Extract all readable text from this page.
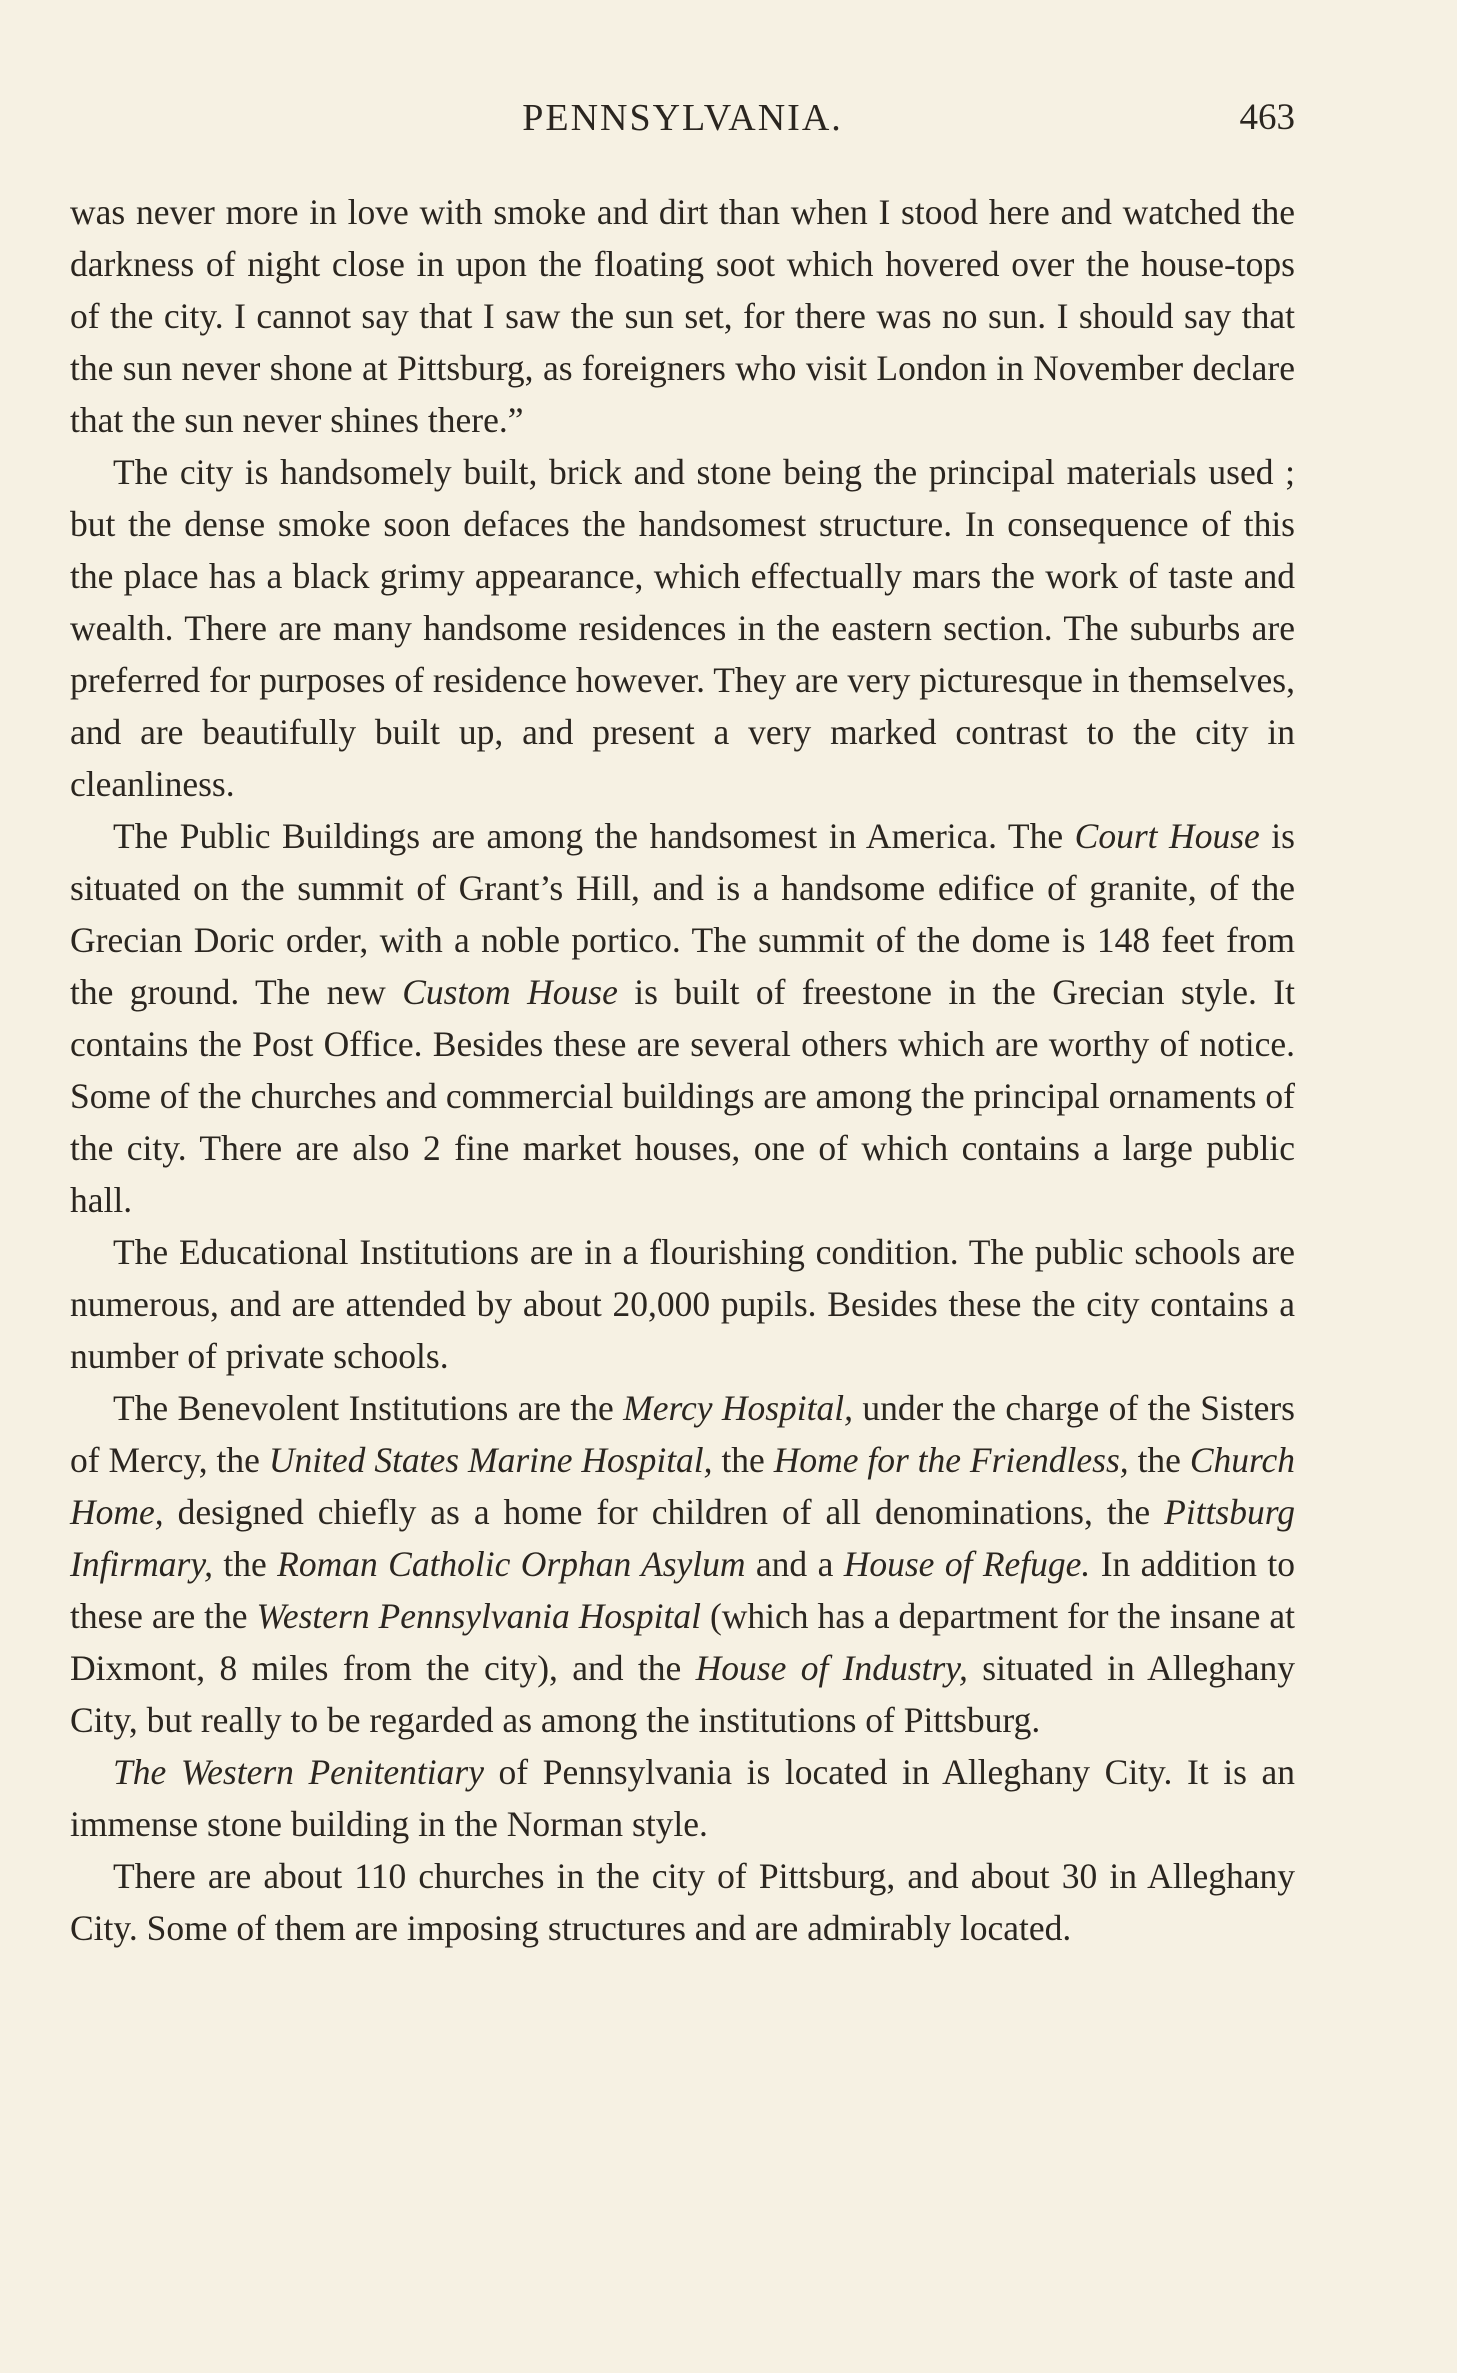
PENNSYLVANIA.	463

was never more in love with smoke and dirt than when I stood here and watched the darkness of night close in upon the floating soot which hovered over the house-tops of the city. I cannot say that I saw the sun set, for there was no sun. I should say that the sun never shone at Pittsburg, as foreigners who visit London in November declare that the sun never shines there.”

The city is handsomely built, brick and stone being the principal materials used ; but the dense smoke soon defaces the handsomest structure. In consequence of this the place has a black grimy appearance, which effectually mars the work of taste and wealth. There are many handsome residences in the eastern section. The suburbs are preferred for purposes of residence however. They are very picturesque in themselves, and are beautifully built up, and present a very marked contrast to the city in cleanliness.

The Public Buildings are among the handsomest in America. The Court House is situated on the summit of Grant’s Hill, and is a handsome edifice of granite, of the Grecian Doric order, with a noble portico. The summit of the dome is 148 feet from the ground. The new Custom House is built of freestone in the Grecian style. It contains the Post Office. Besides these are several others which are worthy of notice. Some of the churches and commercial buildings are among the principal ornaments of the city. There are also 2 fine market houses, one of which contains a large public hall.

The Educational Institutions are in a flourishing condition. The public schools are numerous, and are attended by about 20,000 pupils. Besides these the city contains a number of private schools.

The Benevolent Institutions are the Mercy Hospital, under the charge of the Sisters of Mercy, the United States Marine Hospital, the Home for the Friendless, the Church Home, designed chiefly as a home for children of all denominations, the Pittsburg Infirmary, the Roman Catholic Orphan Asylum and a House of Refuge. In addition to these are the Western Pennsylvania Hospital (which has a department for the insane at Dixmont, 8 miles from the city), and the House of Industry, situated in Alleghany City, but really to be regarded as among the institutions of Pittsburg.

The Western Penitentiary of Pennsylvania is located in Alleghany City. It is an immense stone building in the Norman style.

There are about 110 churches in the city of Pittsburg, and about 30 in Alleghany City. Some of them are imposing structures and are admirably located.
